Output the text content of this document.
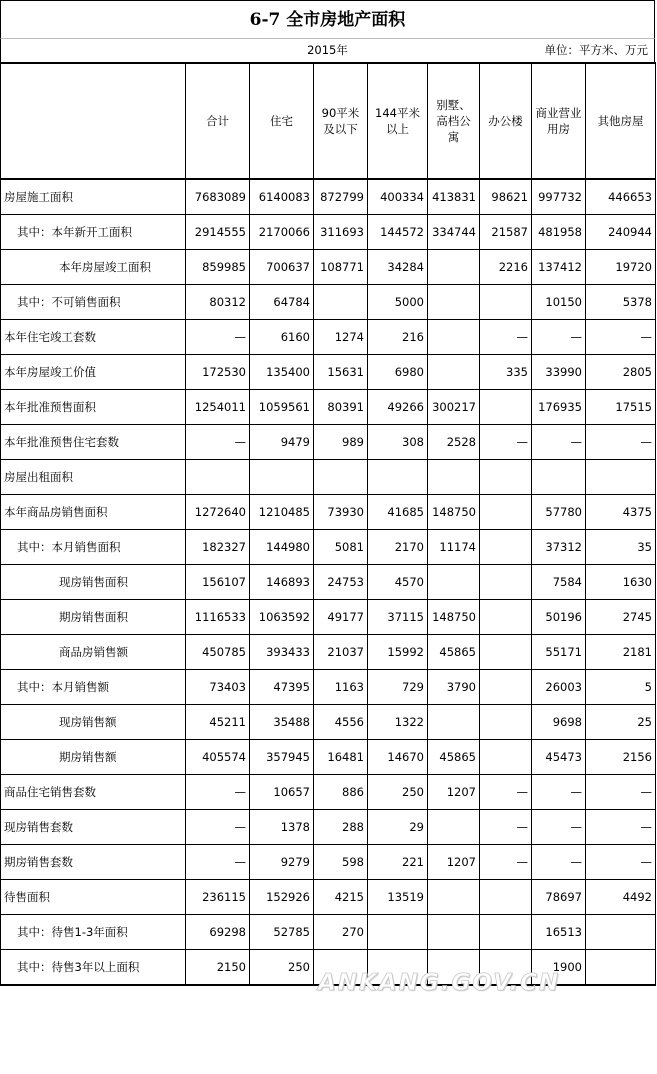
6-7 全市房地产面积
2015年	单位：平方米、万元
	合计	住宅	90平米及以下	144平米以上	别墅、高档公寓	办公楼	商业营业用房	其他房屋
房屋施工面积	7683089	6140083	872799	400334	413831	98621	997732	446653
其中：本年新开工面积	2914555	2170066	311693	144572	334744	21587	481958	240944
本年房屋竣工面积	859985	700637	108771	34284		2216	137412	19720
其中：不可销售面积	80312	64784		5000			10150	5378
本年住宅竣工套数	—	6160	1274	216		—	—	—
本年房屋竣工价值	172530	135400	15631	6980		335	33990	2805
本年批准预售面积	1254011	1059561	80391	49266	300217		176935	17515
本年批准预售住宅套数	—	9479	989	308	2528	—	—	—
房屋出租面积								
本年商品房销售面积	1272640	1210485	73930	41685	148750		57780	4375
其中：本月销售面积	182327	144980	5081	2170	11174		37312	35
现房销售面积	156107	146893	24753	4570			7584	1630
期房销售面积	1116533	1063592	49177	37115	148750		50196	2745
商品房销售额	450785	393433	21037	15992	45865		55171	2181
其中：本月销售额	73403	47395	1163	729	3790		26003	5
现房销售额	45211	35488	4556	1322			9698	25
期房销售额	405574	357945	16481	14670	45865		45473	2156
商品住宅销售套数	—	10657	886	250	1207	—	—	—
现房销售套数	—	1378	288	29		—	—	—
期房销售套数	—	9279	598	221	1207	—	—	—
待售面积	236115	152926	4215	13519			78697	4492
其中：待售1-3年面积	69298	52785	270				16513	
其中：待售3年以上面积	2150	250					1900	
ANKANG.GOV.CN
